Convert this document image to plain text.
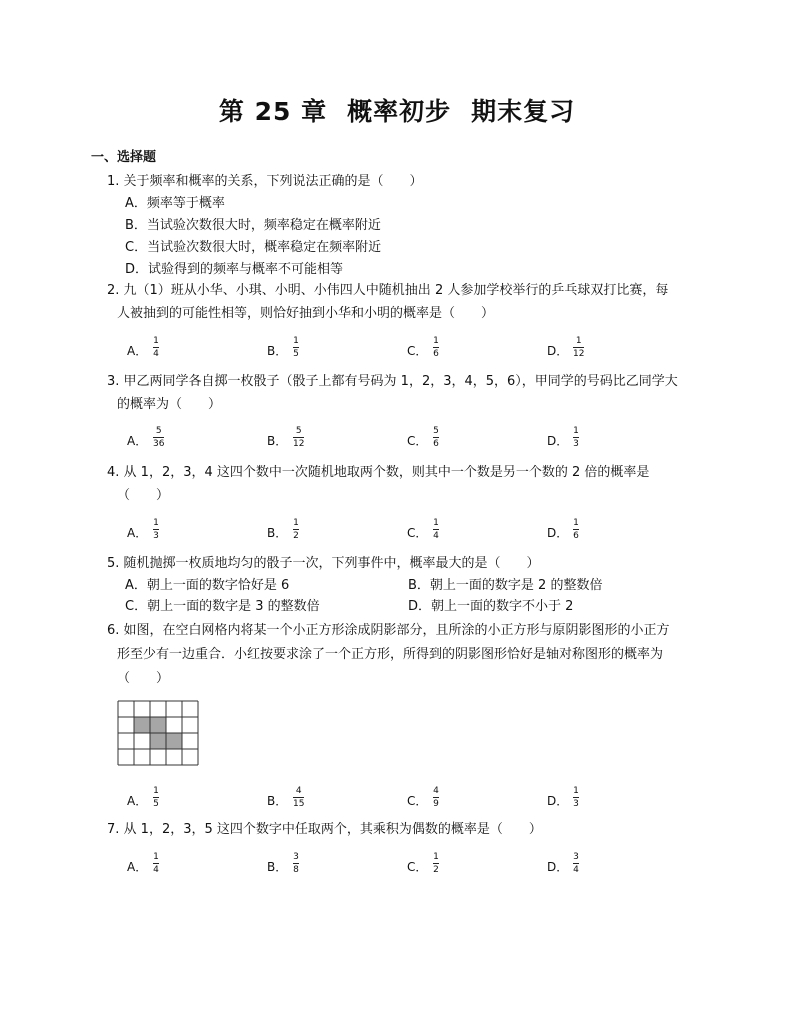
第 25 章 概率初步 期末复习
一、选择题
1. 关于频率和概率的关系，下列说法正确的是（　　）
A．频率等于概率
B．当试验次数很大时，频率稳定在概率附近
C．当试验次数很大时，概率稳定在频率附近
D．试验得到的频率与概率不可能相等
2. 九（1）班从小华、小琪、小明、小伟四人中随机抽出 2 人参加学校举行的乒乓球双打比赛，每
人被抽到的可能性相等，则恰好抽到小华和小明的概率是（　　）
A．
1
4	B．
1
5	C．
1
6	D．
1
12
3. 甲乙两同学各自掷一枚骰子（骰子上都有号码为 1，2，3，4，5，6），甲同学的号码比乙同学大
的概率为（　　）
A．
5
36	B．
5
12	C．
5
6	D．
1
3
4. 从 1，2，3，4 这四个数中一次随机地取两个数，则其中一个数是另一个数的 2 倍的概率是
（　　）
A．
1
3	B．
1
2	C．
1
4	D．
1
6
5. 随机抛掷一枚质地均匀的骰子一次，下列事件中，概率最大的是（　　）
A．朝上一面的数字恰好是 6	B．朝上一面的数字是 2 的整数倍
C．朝上一面的数字是 3 的整数倍	D．朝上一面的数字不小于 2
6. 如图，在空白网格内将某一个小正方形涂成阴影部分，且所涂的小正方形与原阴影图形的小正方
形至少有一边重合．小红按要求涂了一个正方形，所得到的阴影图形恰好是轴对称图形的概率为
（　　）
A．
1
5	B．
4
15	C．
4
9	D．
1
3
7. 从 1，2，3，5 这四个数字中任取两个，其乘积为偶数的概率是（　　）
A．
1
4	B．
3
8	C．
1
2	D．
3
4
